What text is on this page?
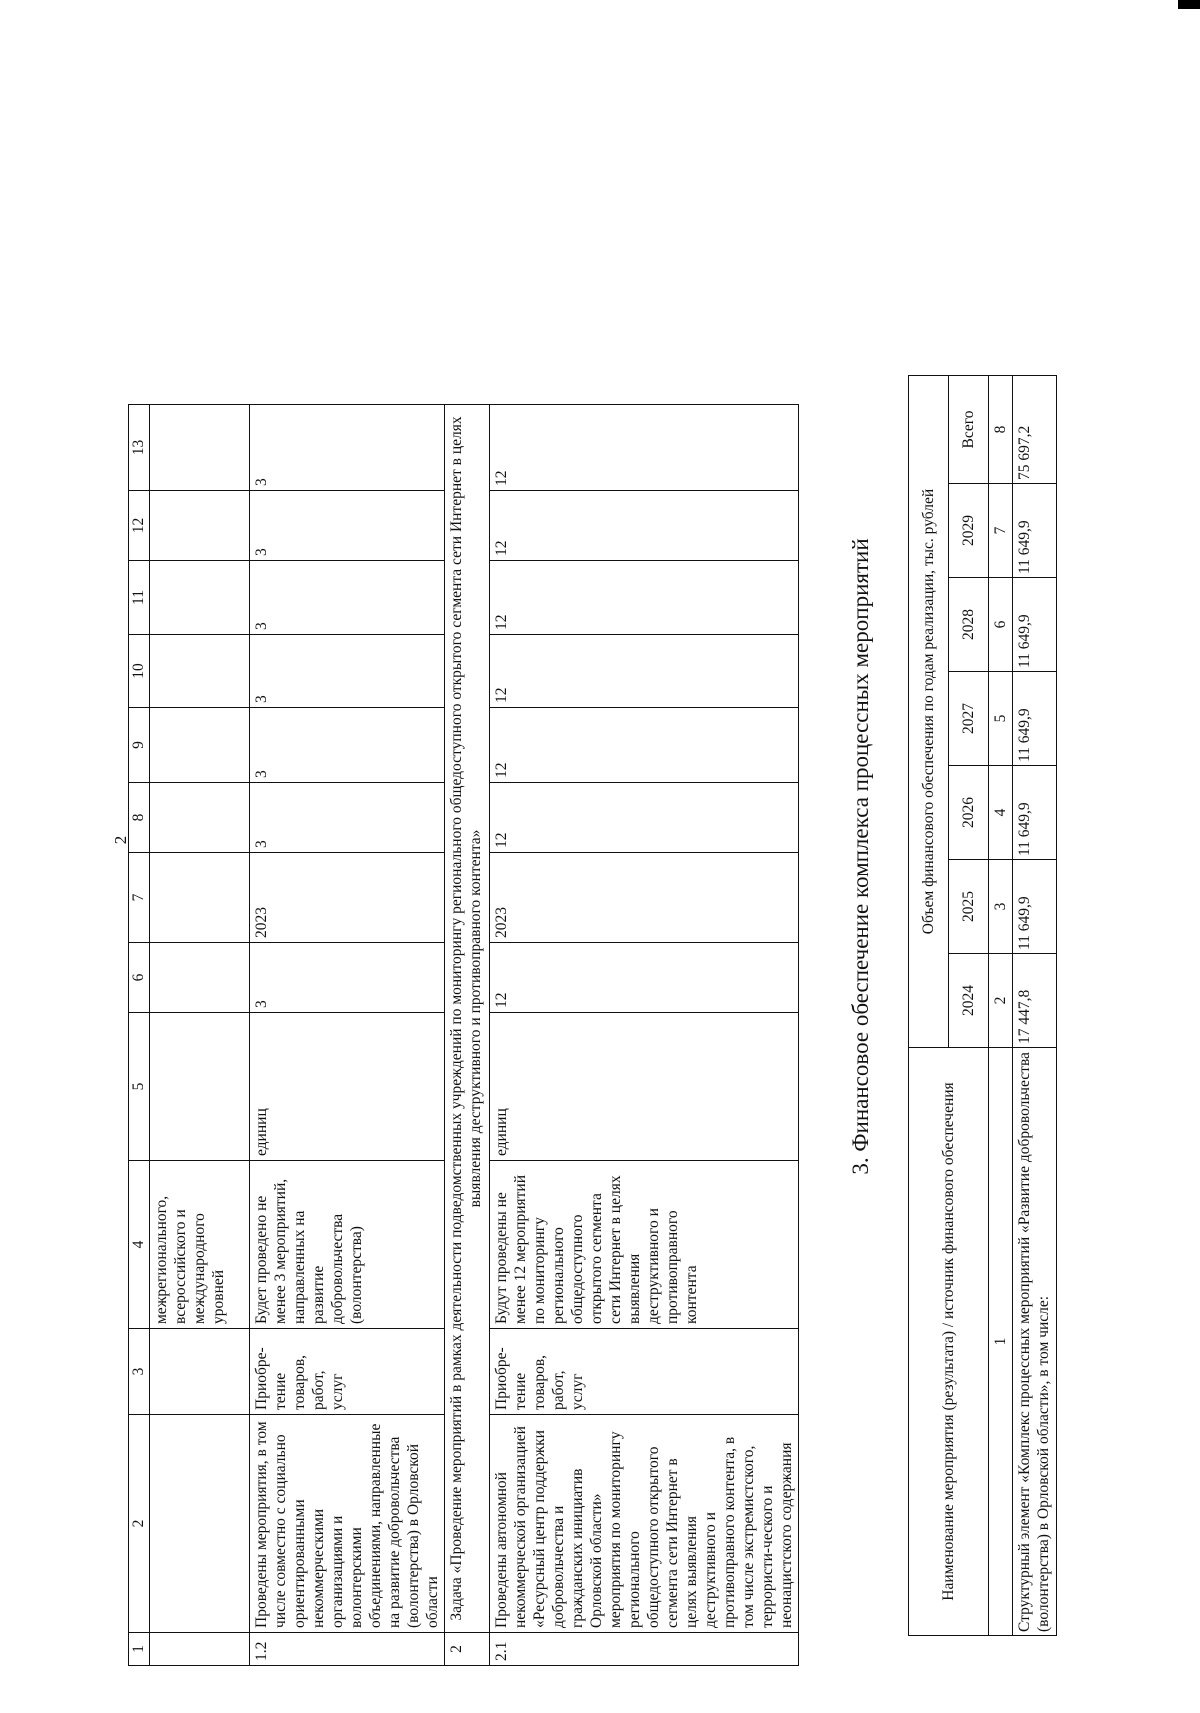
2
1	2	3	4	5	6	7	8	9	10	11	12	13
			межрегионального, всероссийского и международного уровней									
1.2	Проведены мероприятия, в том числе совместно с социально ориентированными некоммерческими организациями и волонтерскими объединениями, направленные на развитие добровольчества (волонтерства) в Орловской области	Приобре-тение товаров, работ, услуг	Будет проведено не менее 3 мероприятий, направленных на развитие добровольчества (волонтерства)	единиц	3	2023	3	3	3	3	3	3
2	Задача «Проведение мероприятий в рамках деятельности подведомственных учреждений по мониторингу регионального общедоступного открытого сегмента сети Интернет в целях выявления деструктивного и противоправного контента»											
2.1	Проведены автономной некоммерческой организацией «Ресурсный центр поддержки добровольчества и гражданских инициатив Орловской области» мероприятия по мониторингу регионального общедоступного открытого сегмента сети Интернет в целях выявления деструктивного и противоправного контента, в том числе экстремистского, террористи-ческого и неонацистского содержания	Приобре-тение товаров, работ, услуг	Будут проведены не менее 12 мероприятий по мониторингу регионального общедоступного открытого сегмента сети Интернет в целях выявления деструктивного и противоправного контента	единиц	12	2023	12	12	12	12	12	12
3. Финансовое обеспечение комплекса процессных мероприятий
Наименование мероприятия (результата) / источник финансового обеспечения	Объем финансового обеспечения по годам реализации, тыс. рублей						
	2024	2025	2026	2027	2028	2029	Всего
1	2	3	4	5	6	7	8
Структурный элемент «Комплекс процессных мероприятий «Развитие добровольчества (волонтерства) в Орловской области», в том числе:	17 447,8	11 649,9	11 649,9	11 649,9	11 649,9	11 649,9	75 697,2
